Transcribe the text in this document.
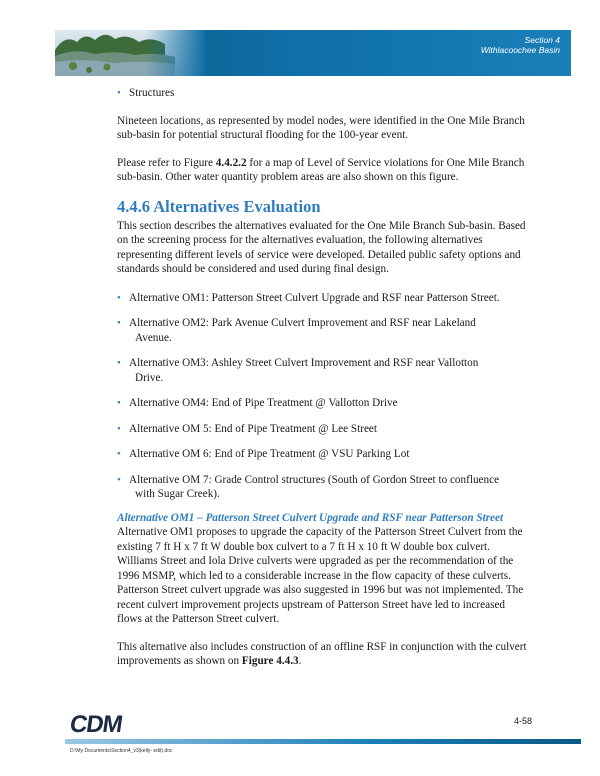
Section 4
Withlacoochee Basin

• Structures

Nineteen locations, as represented by model nodes, were identified in the One Mile Branch sub-basin for potential structural flooding for the 100-year event.

Please refer to Figure 4.4.2.2 for a map of Level of Service violations for One Mile Branch sub-basin. Other water quantity problem areas are also shown on this figure.

4.4.6 Alternatives Evaluation

This section describes the alternatives evaluated for the One Mile Branch Sub-basin. Based on the screening process for the alternatives evaluation, the following alternatives representing different levels of service were developed. Detailed public safety options and standards should be considered and used during final design.

• Alternative OM1: Patterson Street Culvert Upgrade and RSF near Patterson Street.

• Alternative OM2: Park Avenue Culvert Improvement and RSF near Lakeland
Avenue.

• Alternative OM3: Ashley Street Culvert Improvement and RSF near Vallotton
Drive.

• Alternative OM4: End of Pipe Treatment @ Vallotton Drive

• Alternative OM 5: End of Pipe Treatment @ Lee Street

• Alternative OM 6: End of Pipe Treatment @ VSU Parking Lot

• Alternative OM 7: Grade Control structures (South of Gordon Street to confluence
with Sugar Creek).

Alternative OM1 – Patterson Street Culvert Upgrade and RSF near Patterson Street

Alternative OM1 proposes to upgrade the capacity of the Patterson Street Culvert from the existing 7 ft H x 7 ft W double box culvert to a 7 ft H x 10 ft W double box culvert. Williams Street and Iola Drive culverts were upgraded as per the recommendation of the 1996 MSMP, which led to a considerable increase in the flow capacity of these culverts. Patterson Street culvert upgrade was also suggested in 1996 but was not implemented. The recent culvert improvement projects upstream of Patterson Street have led to increased flows at the Patterson Street culvert.

This alternative also includes construction of an offline RSF in conjunction with the culvert improvements as shown on Figure 4.4.3.

CDM	4-58
D:\My Documents\Section4_v3(kelly- edit).doc
